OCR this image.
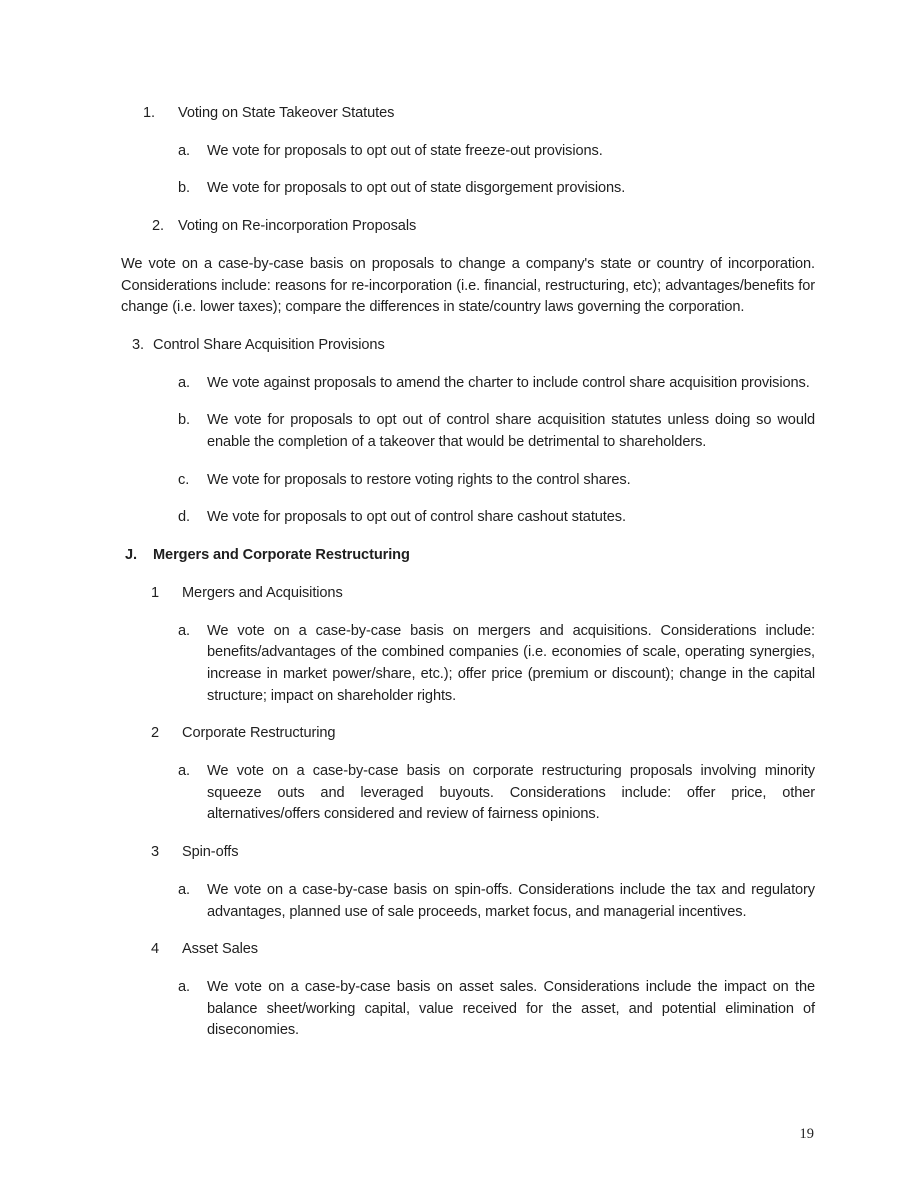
1.	Voting on State Takeover Statutes
a.	We vote for proposals to opt out of state freeze-out provisions.
b.	We vote for proposals to opt out of state disgorgement provisions.
2. Voting on Re-incorporation Proposals
We vote on a case-by-case basis on proposals to change a company's state or country of incorporation. Considerations include: reasons for re-incorporation (i.e. financial, restructuring, etc); advantages/benefits for change (i.e. lower taxes); compare the differences in state/country laws governing the corporation.
3. Control Share Acquisition Provisions
a.	We vote against proposals to amend the charter to include control share acquisition provisions.
b.	We vote for proposals to opt out of control share acquisition statutes unless doing so would enable the completion of a takeover that would be detrimental to shareholders.
c.	We vote for proposals to restore voting rights to the control shares.
d.	We vote for proposals to opt out of control share cashout statutes.
J.	Mergers and Corporate Restructuring
1	Mergers and Acquisitions
a.	We vote on a case-by-case basis on mergers and acquisitions. Considerations include: benefits/advantages of the combined companies (i.e. economies of scale, operating synergies, increase in market power/share, etc.); offer price (premium or discount); change in the capital structure; impact on shareholder rights.
2	Corporate Restructuring
a.	We vote on a case-by-case basis on corporate restructuring proposals involving minority squeeze outs and leveraged buyouts. Considerations include: offer price, other alternatives/offers considered and review of fairness opinions.
3	Spin-offs
a.	We vote on a case-by-case basis on spin-offs. Considerations include the tax and regulatory advantages, planned use of sale proceeds, market focus, and managerial incentives.
4	Asset Sales
a.	We vote on a case-by-case basis on asset sales. Considerations include the impact on the balance sheet/working capital, value received for the asset, and potential elimination of diseconomies.
19
